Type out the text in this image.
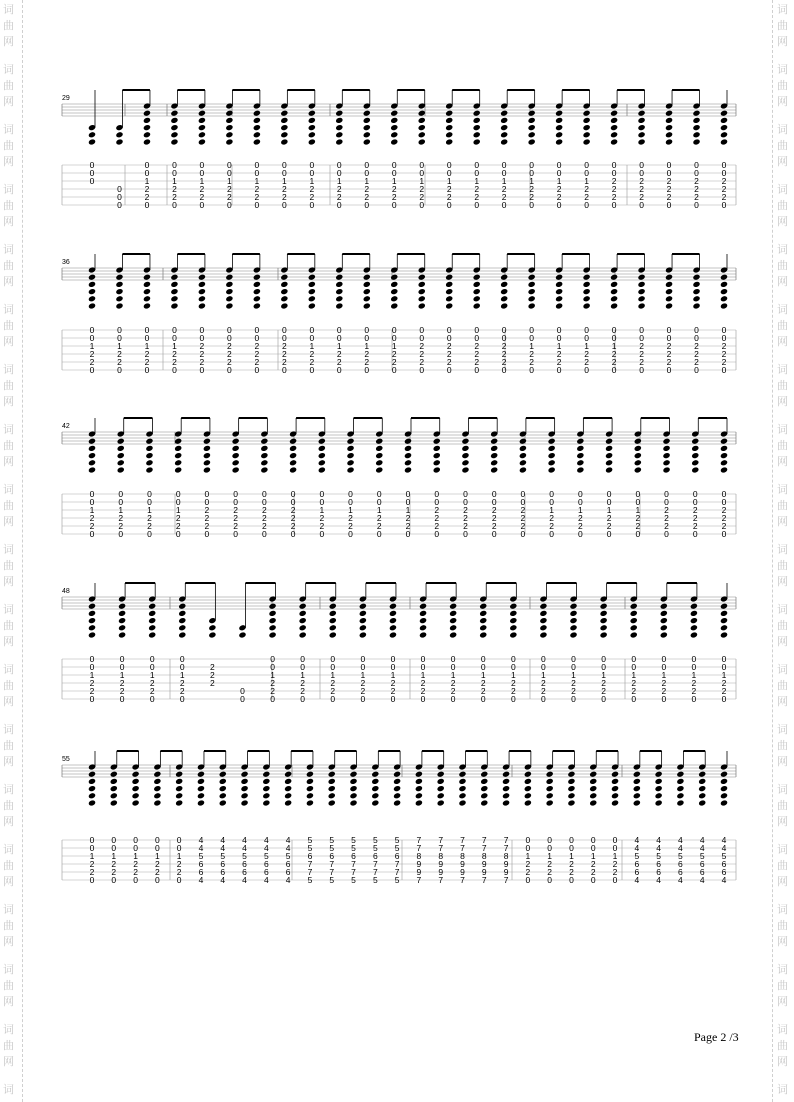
词
曲
网
词
曲
网
词
曲
网
词
曲
网
词
曲
网
词
曲
网
词
曲
网
词
曲
网
词
曲
网
词
曲
网
词
曲
网
词
曲
网
词
曲
网
词
曲
网
词
曲
网
词
曲
网
词
曲
网
词
曲
网
词
词
曲
网
词
曲
网
词
曲
网
词
曲
网
词
曲
网
词
曲
网
词
曲
网
词
曲
网
词
曲
网
词
曲
网
词
曲
网
词
曲
网
词
曲
网
词
曲
网
词
曲
网
词
曲
网
词
曲
网
词
曲
网
词
29
0
0
0
0
0
0
0
0
1
2
2
0
0
0
1
2
2
0
0
0
1
2
2
0
0
0
1
2
2
0
0
0
1
2
2
0
0
0
1
2
2
0
0
0
1
2
2
0
0
0
1
2
2
0
0
0
1
2
2
0
0
0
1
2
2
0
0
0
1
2
2
0
0
0
1
2
2
0
0
0
1
2
2
0
0
0
1
2
2
0
0
0
1
2
2
0
0
0
1
2
2
0
0
0
1
2
2
0
0
0
2
2
2
0
0
0
2
2
2
0
0
0
2
2
2
0
0
0
2
2
2
0
0
0
2
2
2
0
36
0
0
1
2
2
0
0
0
1
2
2
0
0
0
1
2
2
0
0
0
1
2
2
0
0
0
2
2
2
0
0
0
2
2
2
0
0
0
2
2
2
0
0
0
2
2
2
0
0
0
1
2
2
0
0
0
1
2
2
0
0
0
1
2
2
0
0
0
1
2
2
0
0
0
2
2
2
0
0
0
2
2
2
0
0
0
2
2
2
0
0
0
2
2
2
0
0
0
1
2
2
0
0
0
1
2
2
0
0
0
1
2
2
0
0
0
1
2
2
0
0
0
2
2
2
0
0
0
2
2
2
0
0
0
2
2
2
0
0
0
2
2
2
0
42
0
0
1
2
2
0
0
0
1
2
2
0
0
0
1
2
2
0
0
0
1
2
2
0
0
0
2
2
2
0
0
0
2
2
2
0
0
0
2
2
2
0
0
0
2
2
2
0
0
0
1
2
2
0
0
0
1
2
2
0
0
0
1
2
2
0
0
0
1
2
2
0
0
0
2
2
2
0
0
0
2
2
2
0
0
0
2
2
2
0
0
0
2
2
2
0
0
0
1
2
2
0
0
0
1
2
2
0
0
0
1
2
2
0
0
0
1
2
2
0
0
0
2
2
2
0
0
0
2
2
2
0
0
0
2
2
2
0
48
0
0
1
2
2
0
0
0
1
2
2
0
0
0
1
2
2
0
0
0
1
2
2
0
2
2
2
0
0
0
0
1
2
2
0
0
0
1
2
2
0
0
0
1
2
2
0
0
0
1
2
2
0
0
0
1
2
2
0
0
0
1
2
2
0
0
0
1
2
2
0
0
0
1
2
2
0
0
0
1
2
2
0
0
0
1
2
2
0
0
0
1
2
2
0
0
0
1
2
2
0
0
0
1
2
2
0
0
0
1
2
2
0
0
0
1
2
2
0
0
0
1
2
2
0
55
0
0
1
2
2
0
0
0
1
2
2
0
0
0
1
2
2
0
0
0
1
2
2
0
0
0
1
2
2
0
4
4
5
6
6
4
4
4
5
6
6
4
4
4
5
6
6
4
4
4
5
6
6
4
4
4
5
6
6
4
5
5
6
7
7
5
5
5
6
7
7
5
5
5
6
7
7
5
5
5
6
7
7
5
5
5
6
7
7
5
7
7
8
9
9
7
7
7
8
9
9
7
7
7
8
9
9
7
7
7
8
9
9
7
7
7
8
9
9
7
0
0
1
2
2
0
0
0
1
2
2
0
0
0
1
2
2
0
0
0
1
2
2
0
0
0
1
2
2
0
4
4
5
6
6
4
4
4
5
6
6
4
4
4
5
6
6
4
4
4
5
6
6
4
4
4
5
6
6
4
Page 2 /3
